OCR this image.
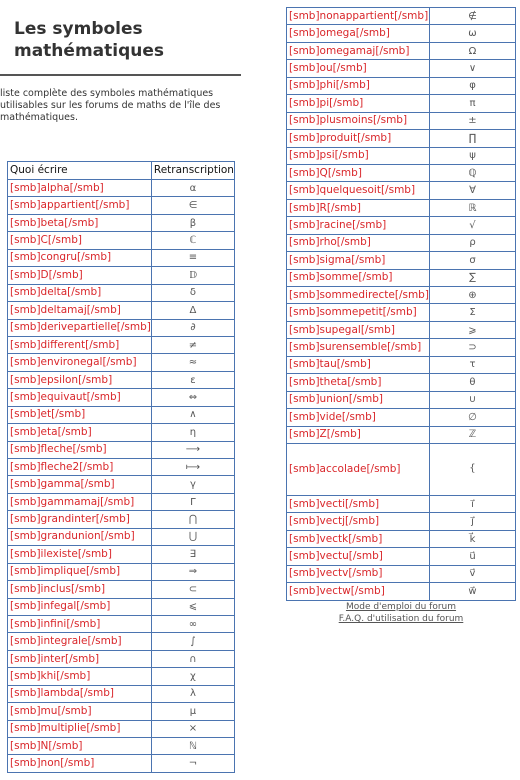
Les symboles mathématiques
liste complète des symboles mathématiques utilisables sur les forums de maths de l'île des mathématiques.
Quoi écrire	Retranscription
[smb]alpha[/smb]	α
[smb]appartient[/smb]	∈
[smb]beta[/smb]	β
[smb]C[/smb]	ℂ
[smb]congru[/smb]	≡
[smb]D[/smb]	𝔻
[smb]delta[/smb]	δ
[smb]deltamaj[/smb]	Δ
[smb]derivepartielle[/smb]	∂
[smb]different[/smb]	≠
[smb]environegal[/smb]	≈
[smb]epsilon[/smb]	ε
[smb]equivaut[/smb]	⇔
[smb]et[/smb]	∧
[smb]eta[/smb]	η
[smb]fleche[/smb]	⟶
[smb]fleche2[/smb]	⟼
[smb]gamma[/smb]	γ
[smb]gammamaj[/smb]	Γ
[smb]grandinter[/smb]	⋂
[smb]grandunion[/smb]	⋃
[smb]ilexiste[/smb]	∃
[smb]implique[/smb]	⇒
[smb]inclus[/smb]	⊂
[smb]infegal[/smb]	⩽
[smb]infini[/smb]	∞
[smb]integrale[/smb]	∫
[smb]inter[/smb]	∩
[smb]khi[/smb]	χ
[smb]lambda[/smb]	λ
[smb]mu[/smb]	μ
[smb]multiplie[/smb]	×
[smb]N[/smb]	ℕ
[smb]non[/smb]	¬
[smb]nonappartient[/smb]	∉
[smb]omega[/smb]	ω
[smb]omegamaj[/smb]	Ω
[smb]ou[/smb]	∨
[smb]phi[/smb]	φ
[smb]pi[/smb]	π
[smb]plusmoins[/smb]	±
[smb]produit[/smb]	∏
[smb]psi[/smb]	ψ
[smb]Q[/smb]	ℚ
[smb]quelquesoit[/smb]	∀
[smb]R[/smb]	ℝ
[smb]racine[/smb]	√
[smb]rho[/smb]	ρ
[smb]sigma[/smb]	σ
[smb]somme[/smb]	∑
[smb]sommedirecte[/smb]	⊕
[smb]sommepetit[/smb]	Σ
[smb]supegal[/smb]	⩾
[smb]surensemble[/smb]	⊃
[smb]tau[/smb]	τ
[smb]theta[/smb]	θ
[smb]union[/smb]	∪
[smb]vide[/smb]	∅
[smb]Z[/smb]	ℤ
[smb]accolade[/smb]	{
[smb]vecti[/smb]	i⃗
[smb]vectj[/smb]	j⃗
[smb]vectk[/smb]	k⃗
[smb]vectu[/smb]	u⃗
[smb]vectv[/smb]	v⃗
[smb]vectw[/smb]	w⃗
Mode d'emploi du forum
F.A.Q. d'utilisation du forum
